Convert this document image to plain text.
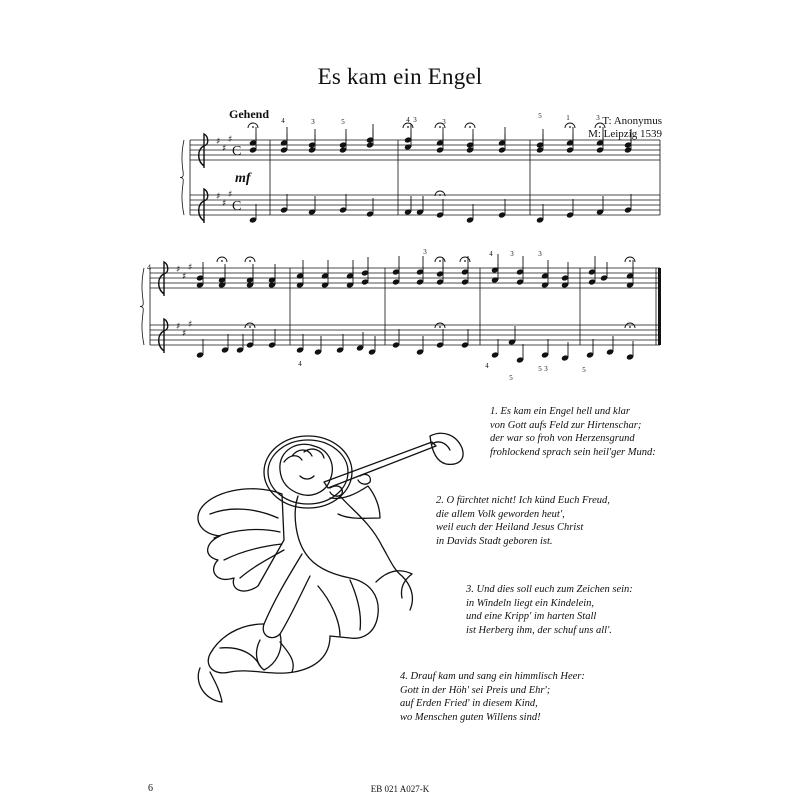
Es kam ein Engel
T: Anonymus
M: Leipzig 1539
Gehend
mf
4
♯
♯
♯
♯
♯
♯
♯
♯
♯
♯
♯
♯
C
C
4	3	5	4 3	3
5	1	3
3	4	3	3
4	4
5
5 3	5
1. Es kam ein Engel hell und klar
von Gott aufs Feld zur Hirtenschar;
der war so froh von Herzensgrund
frohlockend sprach sein heil'ger Mund:
2. O fürchtet nicht! Ich künd Euch Freud,
die allem Volk geworden heut',
weil euch der Heiland Jesus Christ
in Davids Stadt geboren ist.
3. Und dies soll euch zum Zeichen sein:
in Windeln liegt ein Kindelein,
und eine Kripp' im harten Stall
ist Herberg ihm, der schuf uns all'.
4. Drauf kam und sang ein himmlisch Heer:
Gott in der Höh' sei Preis und Ehr';
auf Erden Fried' in diesem Kind,
wo Menschen guten Willens sind!
6	EB 021 A027-K
